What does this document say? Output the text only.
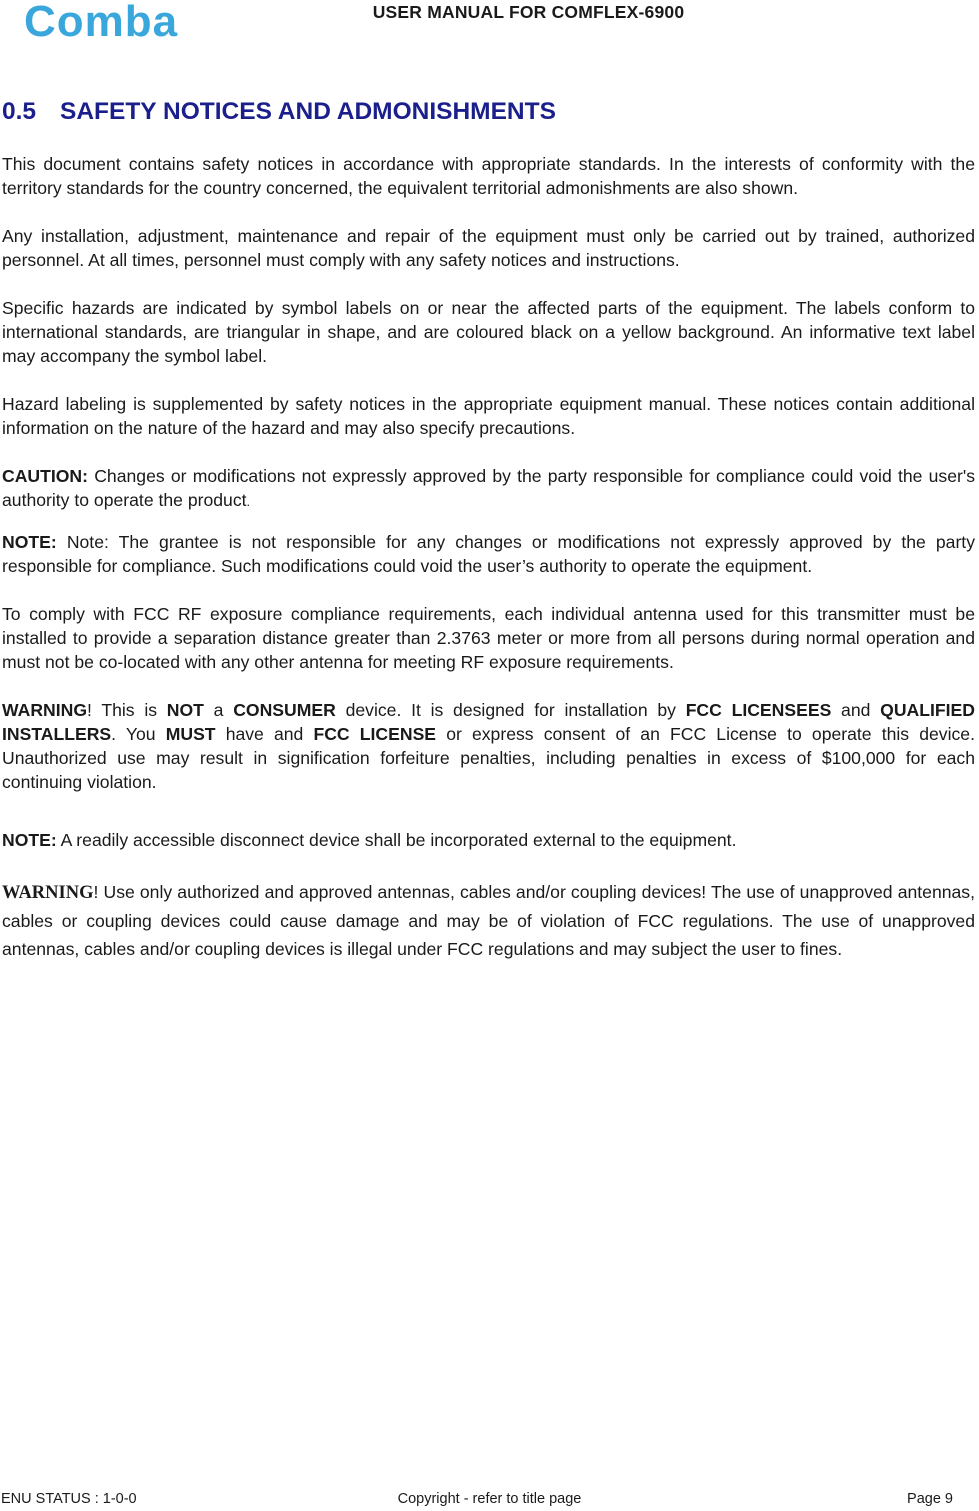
Comba	USER MANUAL FOR COMFLEX-6900
0.5 SAFETY NOTICES AND ADMONISHMENTS

This document contains safety notices in accordance with appropriate standards. In the interests of conformity with the territory standards for the country concerned, the equivalent territorial admonishments are also shown.

Any installation, adjustment, maintenance and repair of the equipment must only be carried out by trained, authorized personnel. At all times, personnel must comply with any safety notices and instructions.

Specific hazards are indicated by symbol labels on or near the affected parts of the equipment. The labels conform to international standards, are triangular in shape, and are coloured black on a yellow background. An informative text label may accompany the symbol label.

Hazard labeling is supplemented by safety notices in the appropriate equipment manual. These notices contain additional information on the nature of the hazard and may also specify precautions.

CAUTION: Changes or modifications not expressly approved by the party responsible for compliance could void the user's authority to operate the product.

NOTE: Note: The grantee is not responsible for any changes or modifications not expressly approved by the party responsible for compliance. Such modifications could void the user’s authority to operate the equipment.

To comply with FCC RF exposure compliance requirements, each individual antenna used for this transmitter must be installed to provide a separation distance greater than 2.3763 meter or more from all persons during normal operation and must not be co-located with any other antenna for meeting RF exposure requirements.

WARNING! This is NOT a CONSUMER device. It is designed for installation by FCC LICENSEES and QUALIFIED INSTALLERS. You MUST have and FCC LICENSE or express consent of an FCC License to operate this device. Unauthorized use may result in signification forfeiture penalties, including penalties in excess of $100,000 for each continuing violation.

NOTE: A readily accessible disconnect device shall be incorporated external to the equipment.

WARNING! Use only authorized and approved antennas, cables and/or coupling devices! The use of unapproved antennas, cables or coupling devices could cause damage and may be of violation of FCC regulations. The use of unapproved antennas, cables and/or coupling devices is illegal under FCC regulations and may subject the user to fines.

ENU STATUS : 1-0-0	Copyright - refer to title page	Page 9
